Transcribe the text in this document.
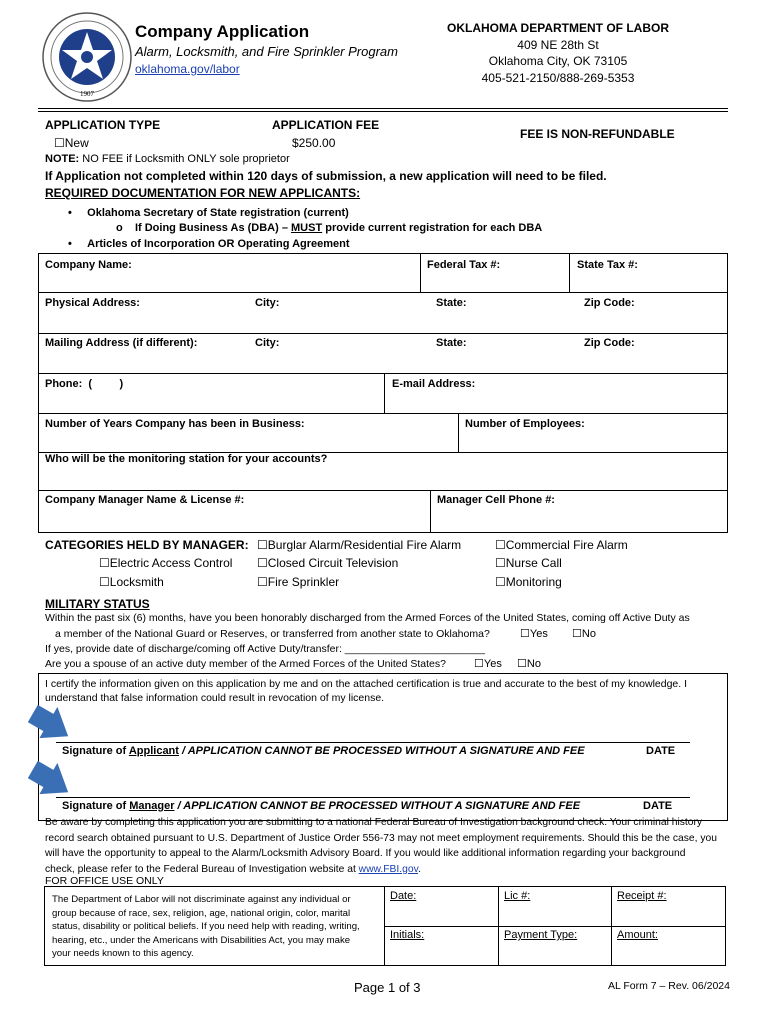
1907
Company Application
Alarm, Locksmith, and Fire Sprinkler Program
oklahoma.gov/labor
OKLAHOMA DEPARTMENT OF LABOR
409 NE 28th St
Oklahoma City, OK 73105
405-521-2150/888-269-5353
APPLICATION TYPE
☐ New
APPLICATION FEE
$250.00
FEE IS NON-REFUNDABLE
NOTE: NO FEE if Locksmith ONLY sole proprietor
If Application not completed within 120 days of submission, a new application will need to be filed.
REQUIRED DOCUMENTATION FOR NEW APPLICANTS:
•     Oklahoma Secretary of State registration (current)
o    If Doing Business As (DBA) – MUST provide current registration for each DBA
•     Articles of Incorporation OR Operating Agreement
Company Name:	Federal Tax #:	State Tax #:
Physical Address:	City:	State:	Zip Code:
Mailing Address (if different):	City:	State:	Zip Code:
Phone:  (         )	E-mail Address:
Number of Years Company has been in Business:	Number of Employees:
Who will be the monitoring station for your accounts?
Company Manager Name & License #:	Manager Cell Phone #:
CATEGORIES HELD BY MANAGER: ☐	Burglar Alarm/Residential Fire Alarm ☐	Commercial Fire Alarm
☐ Electric Access Control ☐	Closed Circuit Television ☐	Nurse Call
☐ Locksmith ☐	Fire Sprinkler ☐	Monitoring
MILITARY STATUS
Within the past six (6) months, have you been honorably discharged from the Armed Forces of the United States, coming off Active Duty as
a member of the National Guard or Reserves, or transferred from another state to Oklahoma? ☐	Yes ☐	No
If yes, provide date of discharge/coming off Active Duty/transfer: ________________________
Are you a spouse of an active duty member of the Armed Forces of the United States? ☐	Yes ☐	No
I certify the information given on this application by me and on the attached certification is true and accurate to the best of my knowledge. I
understand that false information could result in revocation of my license.
Signature of Applicant / APPLICATION CANNOT BE PROCESSED WITHOUT A SIGNATURE AND FEE	DATE
Signature of Manager / APPLICATION CANNOT BE PROCESSED WITHOUT A SIGNATURE AND FEE	DATE
Be aware by completing this application you are submitting to a national Federal Bureau of Investigation background check. Your criminal history
record search obtained pursuant to U.S. Department of Justice Order 556-73 may not meet employment requirements. Should this be the case, you
will have the opportunity to appeal to the Alarm/Locksmith Advisory Board. If you would like additional information regarding your background
check, please refer to the Federal Bureau of Investigation website at www.FBI.gov.
FOR OFFICE USE ONLY
The Department of Labor will not discriminate against any individual or
group because of race, sex, religion, age, national origin, color, marital
status, disability or political beliefs. If you need help with reading, writing,
hearing, etc., under the Americans with Disabilities Act, you may make
your needs known to this agency.
Date:	Lic #:	Receipt #:
Initials:	Payment Type:	Amount:
Page 1 of 3	AL Form 7 – Rev. 06/2024
